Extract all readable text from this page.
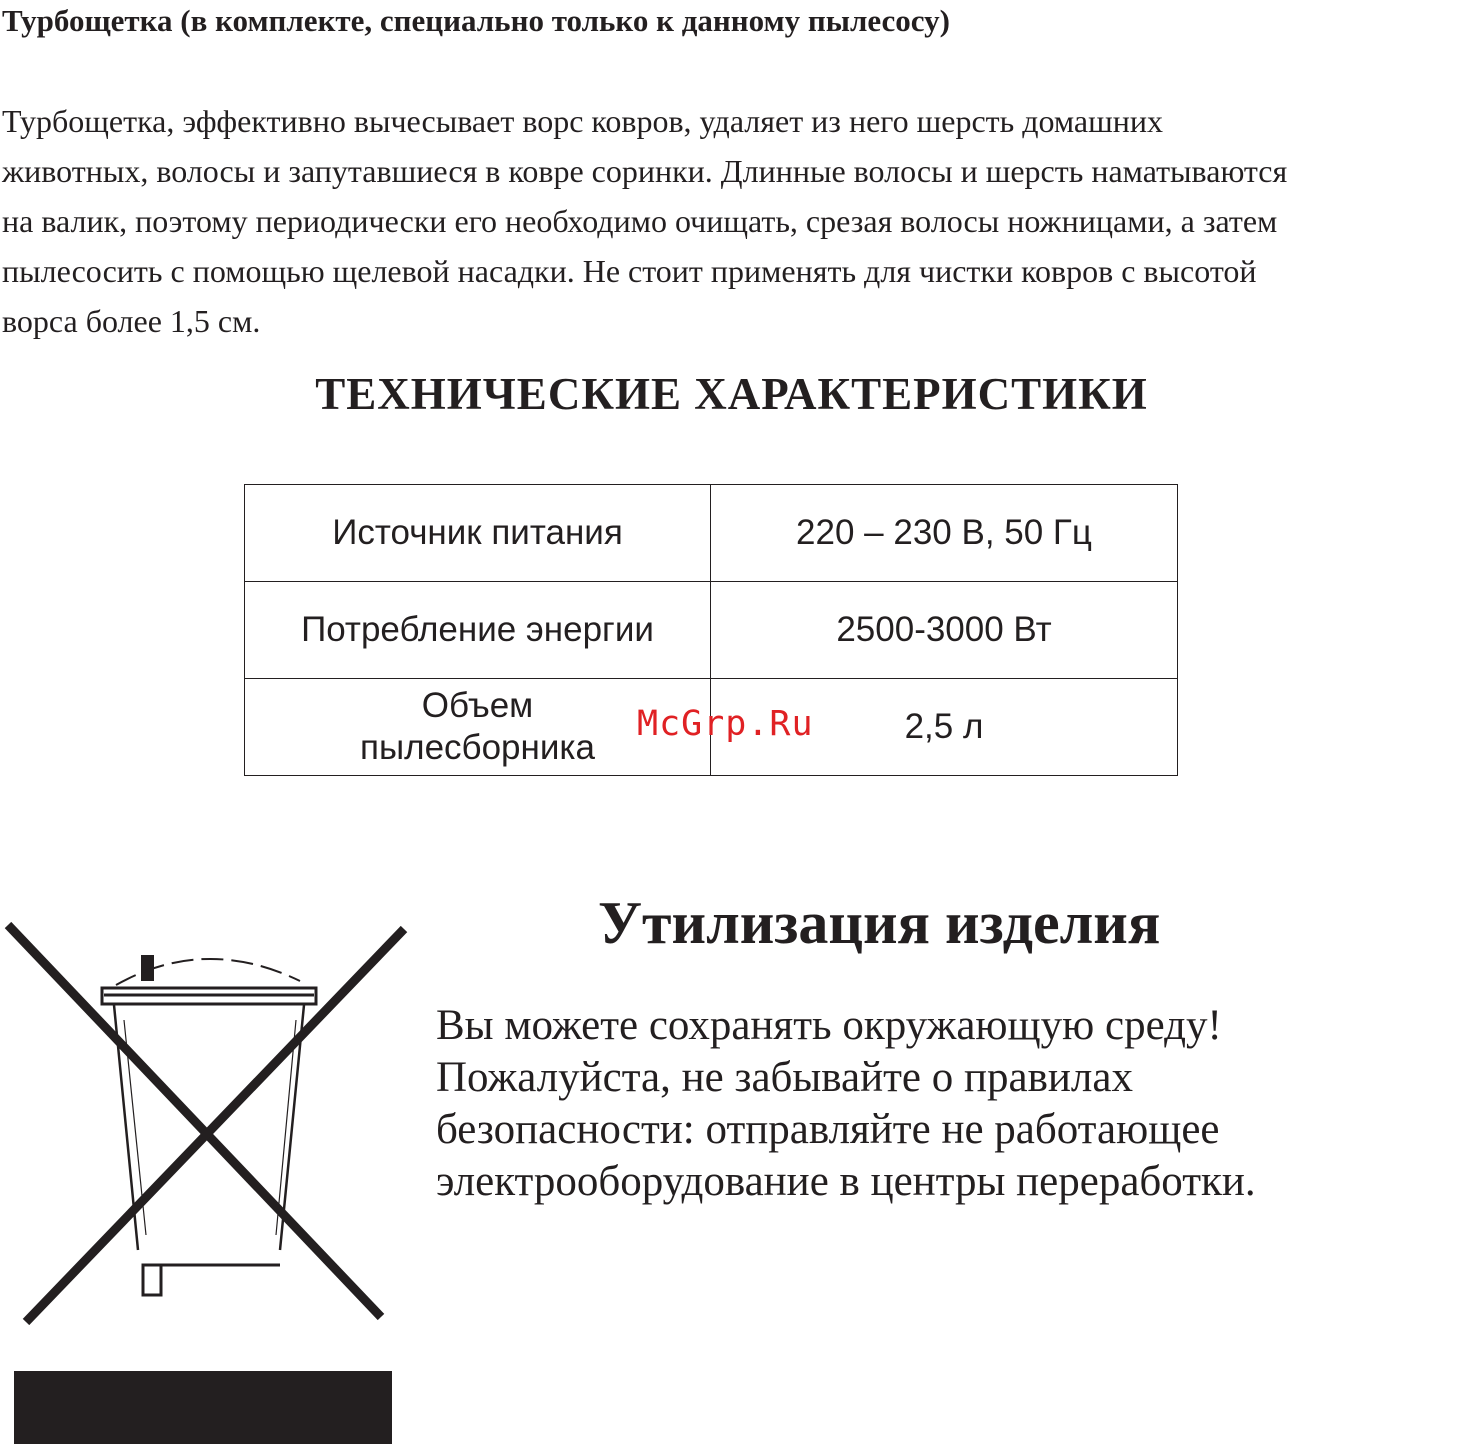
Турбощетка (в комплекте, специально только к данному пылесосу)

Турбощетка, эффективно вычесывает ворс ковров, удаляет из него шерсть домашних
животных, волосы и запутавшиеся в ковре соринки. Длинные волосы и шерсть наматываются
на валик, поэтому периодически его необходимо очищать, срезая волосы ножницами, а затем
пылесосить с помощью щелевой насадки. Не стоит применять для чистки ковров с высотой
ворса более 1,5 см.

ТЕХНИЧЕСКИЕ ХАРАКТЕРИСТИКИ
Источник питания	220 – 230 В, 50 Гц
Потребление энергии	2500-3000 Вт
Объем
пылесборника	2,5 л
McGrp.Ru
Утилизация изделия

Вы можете сохранять окружающую среду!
Пожалуйста, не забывайте о правилах
безопасности: отправляйте не работающее
электрооборудование в центры переработки.
